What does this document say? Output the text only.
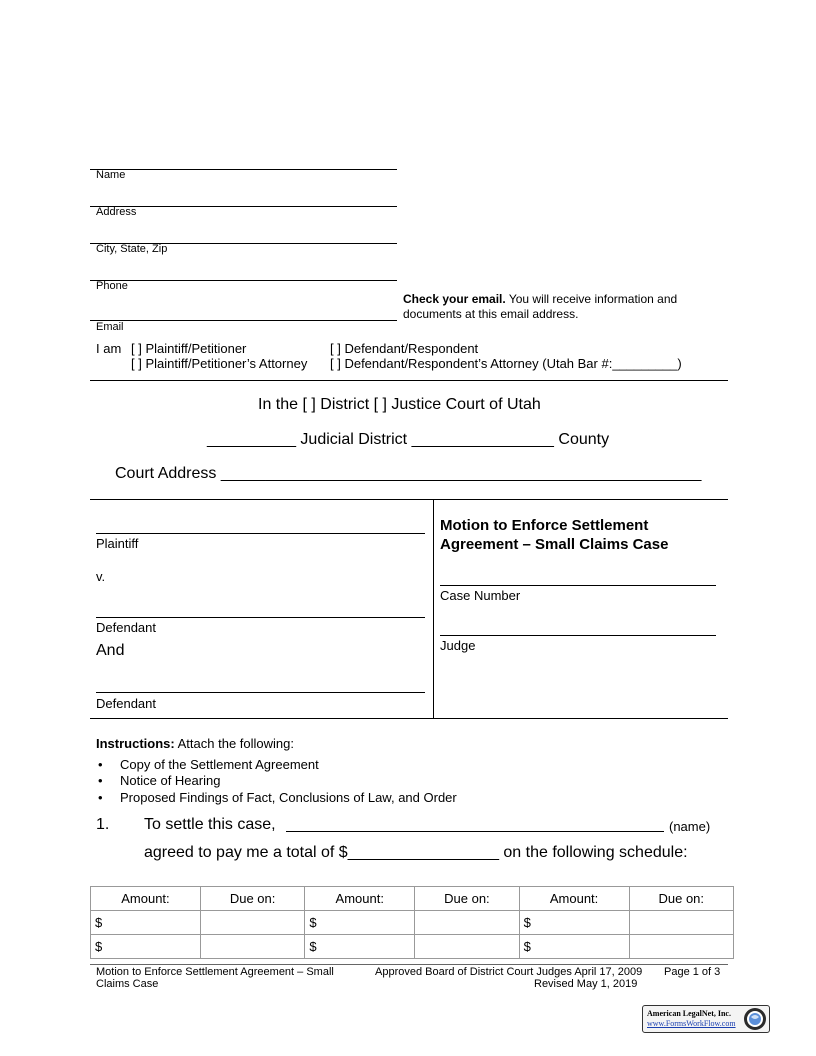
Name
Address
City, State, Zip
Phone
Email
Check your email. You will receive information and
documents at this email address.
I am [ ] Plaintiff/Petitioner	[ ] Defendant/Respondent
[ ] Plaintiff/Petitioner’s Attorney [ ] Defendant/Respondent’s Attorney (Utah Bar #:_________)
In the [ ] District [ ] Justice Court of Utah
__________ Judicial District ________________ County
Court Address ______________________________________________________
Plaintiff
v.
Defendant
And
Defendant
Motion to Enforce Settlement
Agreement – Small Claims Case
Case Number
Judge
Instructions: Attach the following:
• Copy of the Settlement Agreement
• Notice of Hearing
• Proposed Findings of Fact, Conclusions of Law, and Order
1. To settle this case,	(name)
agreed to pay me a total of $_________________ on the following schedule:
Amount:	Due on:	Amount:	Due on:	Amount:	Due on:
$		$		$	
$		$		$	
Motion to Enforce Settlement Agreement – Small
Claims Case
Approved Board of District Court Judges April 17, 2009
Revised May 1, 2019
Page 1 of 3
American LegalNet, Inc.
www.FormsWorkFlow.com
